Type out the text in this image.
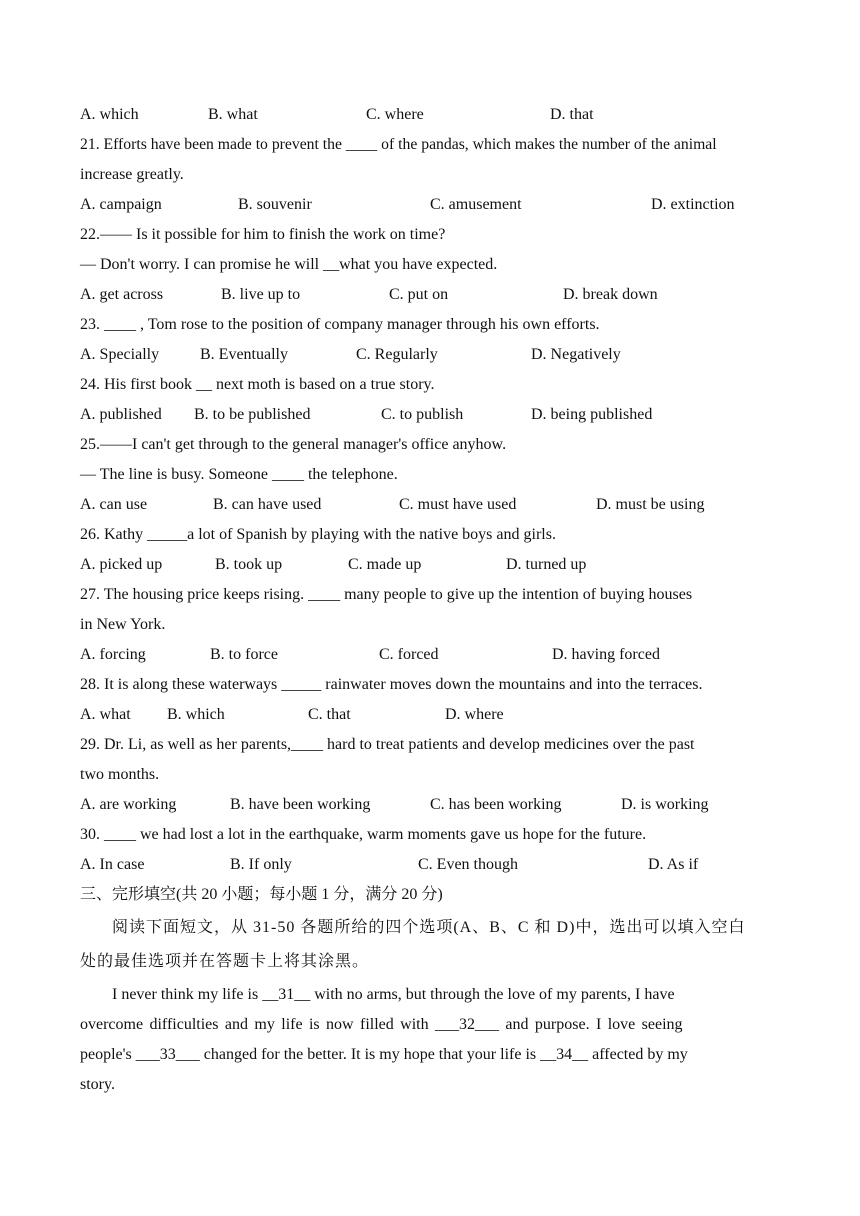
A. which

	B. what

	C. where

	D. that

21. Efforts have been made to prevent the ____ of the pandas, which makes the number of the animal
increase greatly.

A. campaign

	B. souvenir

	C. amusement

	D. extinction

22.—— Is it possible for him to finish the work on time?
— Don't worry. I can promise he will __what you have expected.

A. get across

	B. live up to

	C. put on

	D. break down

23. ____ , Tom rose to the position of company manager through his own efforts.

A. Specially

	B. Eventually

	C. Regularly

	D. Negatively

24. His first book __ next moth is based on a true story.

A. published

B. to be published

	C. to publish

	D. being published

25.——I can't get through to the general manager's office anyhow.
— The line is busy. Someone ____ the telephone.

A. can use

	B. can have used

	C. must have used

	D. must be using

26. Kathy _____a lot of Spanish by playing with the native boys and girls.

A. picked up

	B. took up

	C. made up

	D. turned up

27. The housing price keeps rising. ____ many people to give up the intention of buying houses
in New York.

A. forcing

	B. to force

	C. forced

	D. having forced

28. It is along these waterways _____ rainwater moves down the mountains and into the terraces.

A. what

B. which

	C. that

	D. where

29. Dr. Li, as well as her parents,____ hard to treat patients and develop medicines over the past
two months.

A. are working

	B. have been working

	C. has been working

	D. is working

30. ____ we had lost a lot in the earthquake, warm moments gave us hope for the future.

A. In case

	B. If only

	C. Even though

	D. As if

三、完形填空(共 20 小题；每小题 1 分，满分 20 分)
阅读下面短文，从 31-50 各题所给的四个选项(A、B、C 和 D)中，选出可以填入空白
处的最佳选项并在答题卡上将其涂黑。
I never think my life is __31__ with no arms, but through the love of my parents, I have
overcome difficulties and my life is now filled with ___32___ and purpose. I love seeing
people's ___33___ changed for the better. It is my hope that your life is __34__ affected by my
story.
